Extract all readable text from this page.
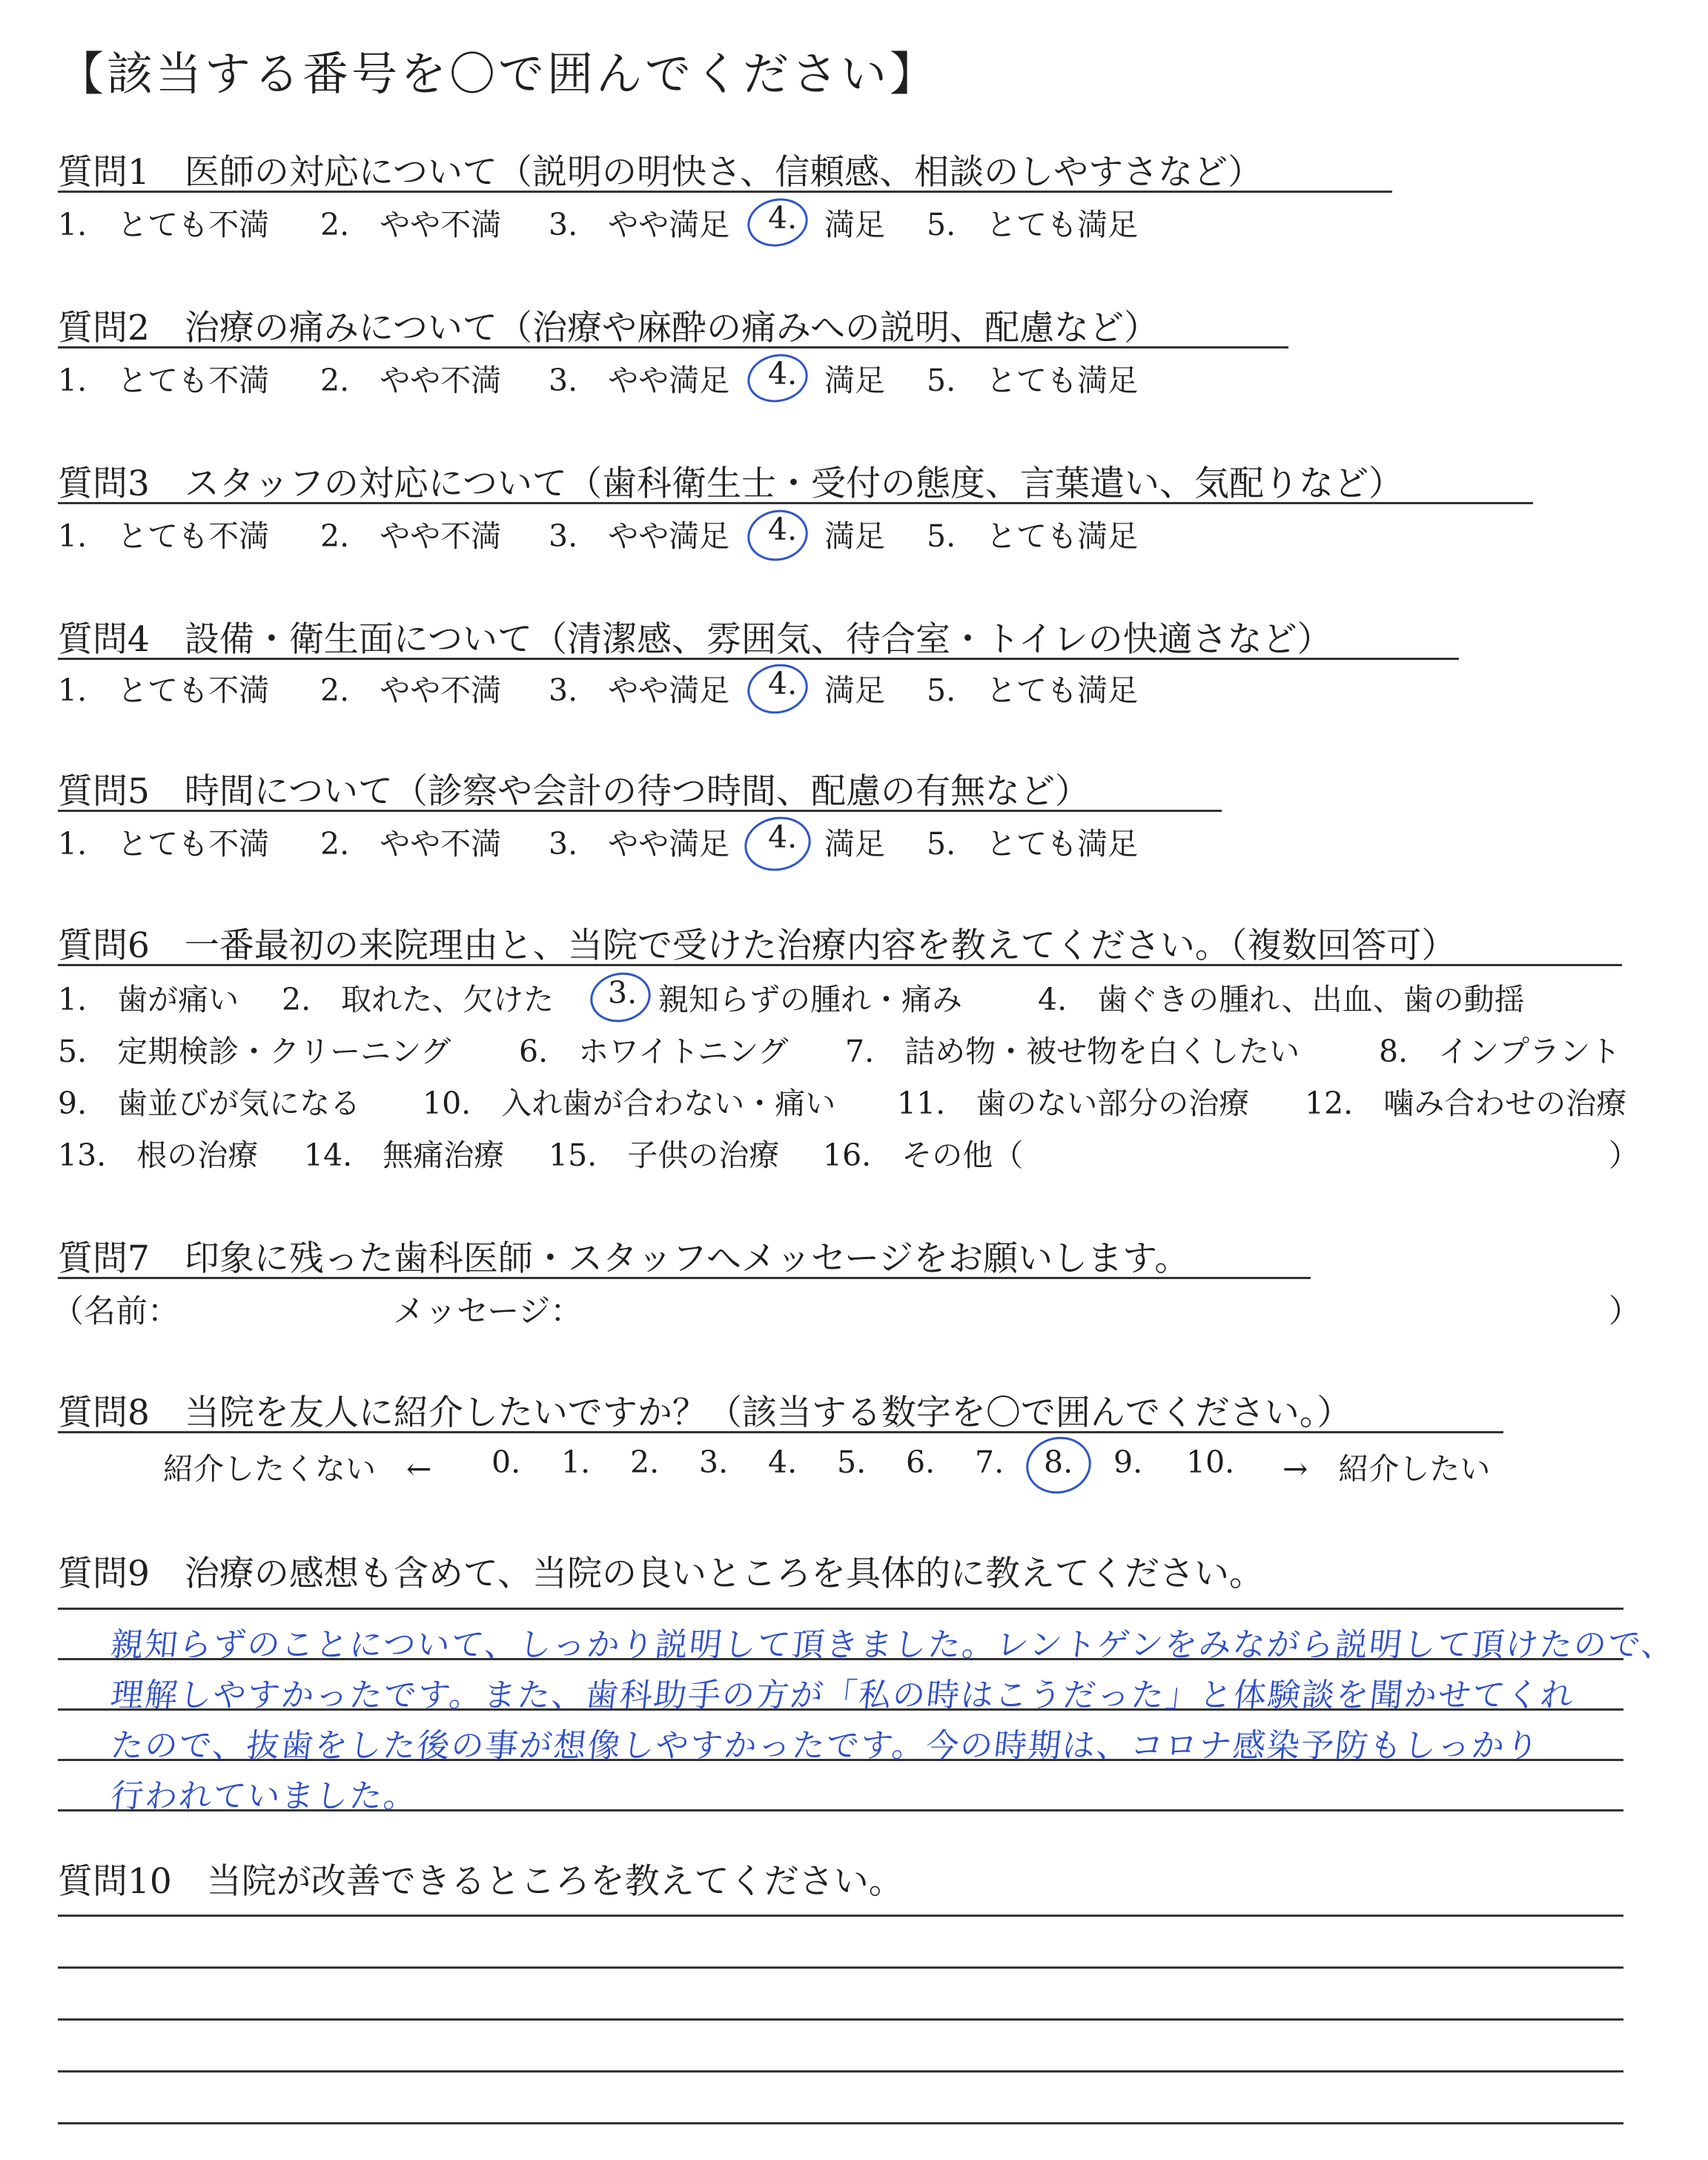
【該当する番号を〇で囲んでください】
質問1　医師の対応について（説明の明快さ、信頼感、相談のしやすさなど）
1.　とても不満 2.　やや不満 3.　やや満足 4. 満足 5.　とても満足
質問2　治療の痛みについて（治療や麻酔の痛みへの説明、配慮など）
1.　とても不満 2.　やや不満 3.　やや満足 4. 満足 5.　とても満足
質問3　スタッフの対応について（歯科衛生士・受付の態度、言葉遣い、気配りなど）
1.　とても不満 2.　やや不満 3.　やや満足 4. 満足 5.　とても満足
質問4　設備・衛生面について（清潔感、雰囲気、待合室・トイレの快適さなど）
1.　とても不満 2.　やや不満 3.　やや満足 4. 満足 5.　とても満足
質問5　時間について（診察や会計の待つ時間、配慮の有無など）
1.　とても不満 2.　やや不満 3.　やや満足 4. 満足 5.　とても満足
質問6　一番最初の来院理由と、当院で受けた治療内容を教えてください。（複数回答可）
1.　歯が痛い 2.　取れた、欠けた 3. 親知らずの腫れ・痛み 4.　歯ぐきの腫れ、出血、歯の動揺
5.　定期検診・クリーニング 6.　ホワイトニング 7.　詰め物・被せ物を白くしたい	8.　インプラント
9.　歯並びが気になる 10.　入れ歯が合わない・痛い 11.　歯のない部分の治療 12.　噛み合わせの治療
13.　根の治療 14.　無痛治療 15.　子供の治療 16.　その他（	）
質問7　印象に残った歯科医師・スタッフへメッセージをお願いします。
（名前：	メッセージ：	）
質問8　当院を友人に紹介したいですか？（該当する数字を〇で囲んでください。）
紹介したくない　← 0. 1. 2. 3. 4. 5. 6. 7. 8. 9. 10. →　紹介したい
質問9　治療の感想も含めて、当院の良いところを具体的に教えてください。
親知らずのことについて、しっかり説明して頂きました。レントゲンをみながら説明して頂けたので、
理解しやすかったです。また、歯科助手の方が「私の時はこうだった」と体験談を聞かせてくれ
たので、抜歯をした後の事が想像しやすかったです。今の時期は、コロナ感染予防もしっかり
行われていました。
質問10　当院が改善できるところを教えてください。
